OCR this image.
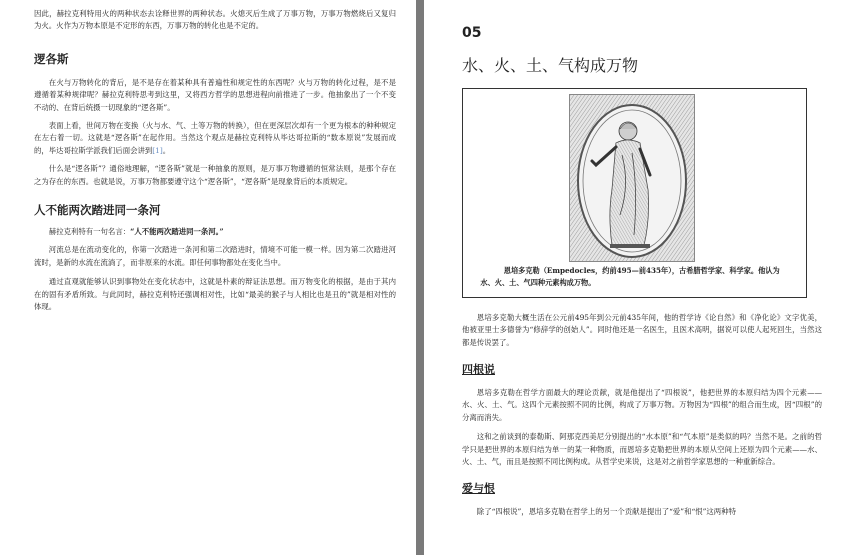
因此，赫拉克利特用火的两种状态去诠释世界的两种状态。火熄灭后生成了万事万物，万事万物燃烧后又复归为火。火作为万物本原是不定形的东西，万事万物的转化也是不定的。

逻各斯

在火与万物转化的背后，是不是存在着某种具有普遍性和规定性的东西呢？火与万物的转化过程，是不是遵循着某种规律呢？赫拉克利特思考到这里，又将西方哲学的思想进程向前推进了一步。他抽象出了一个不变不动的、在背后统摄一切现象的“逻各斯”。

表面上看，世间万物在变换（火与水、气、土等万物的转换），但在更深层次却有一个更为根本的种种规定在左右着一切。这就是“逻各斯”在起作用。当然这个观点是赫拉克利特从毕达哥拉斯的“数本原说”发展而成的，毕达哥拉斯学派我们后面会讲到[1]。

什么是“逻各斯”？通俗地理解，“逻各斯”就是一种抽象的原则，是万事万物遵循的恒常法则，是那个存在之为存在的东西。也就是说，万事万物都要遵守这个“逻各斯”，“逻各斯”是现象背后的本质规定。

人不能两次踏进同一条河

赫拉克利特有一句名言：“人不能两次踏进同一条河。”

河流总是在流动变化的，你第一次踏进一条河和第二次踏进时，情境不可能一模一样。因为第二次踏进河流时，是新的水流在流淌了，而非原来的水流。即任何事物都处在变化当中。

通过直观就能够认识到事物处在变化状态中，这就是朴素的辩证法思想。而万物变化的根据，是由于其内在的固有矛盾所致。与此同时，赫拉克利特还强调相对性，比如“最美的猴子与人相比也是丑的”就是相对性的体现。

05
水、火、土、气构成万物

恩培多克勒（Empedocles，约前495—前435年），古希腊哲学家、科学家。他认为
水、火、土、气四种元素构成万物。

恩培多克勒大概生活在公元前495年到公元前435年间，他的哲学诗《论自然》和《净化论》文字优美，他被亚里士多德誉为“修辞学的创始人”。同时他还是一名医生，且医术高明，据说可以使人起死回生，当然这都是传说罢了。

四根说

恩培多克勒在哲学方面最大的理论贡献，就是他提出了“四根说”，他把世界的本原归结为四个元素——水、火、土、气。这四个元素按照不同的比例，构成了万事万物。万物因为“四根”的组合而生成，因“四根”的分离而消失。

这和之前谈到的泰勒斯、阿那克西美尼分别提出的“水本原”和“气本原”是类似的吗？当然不是。之前的哲学只是把世界的本原归结为单一的某一种物质，而恩培多克勒把世界的本原从空间上还原为四个元素——水、火、土、气，而且是按照不同比例构成。从哲学史来说，这是对之前哲学家思想的一种重新综合。

爱与恨

除了“四根说”，恩培多克勒在哲学上的另一个贡献是提出了“爱”和“恨”这两种特
